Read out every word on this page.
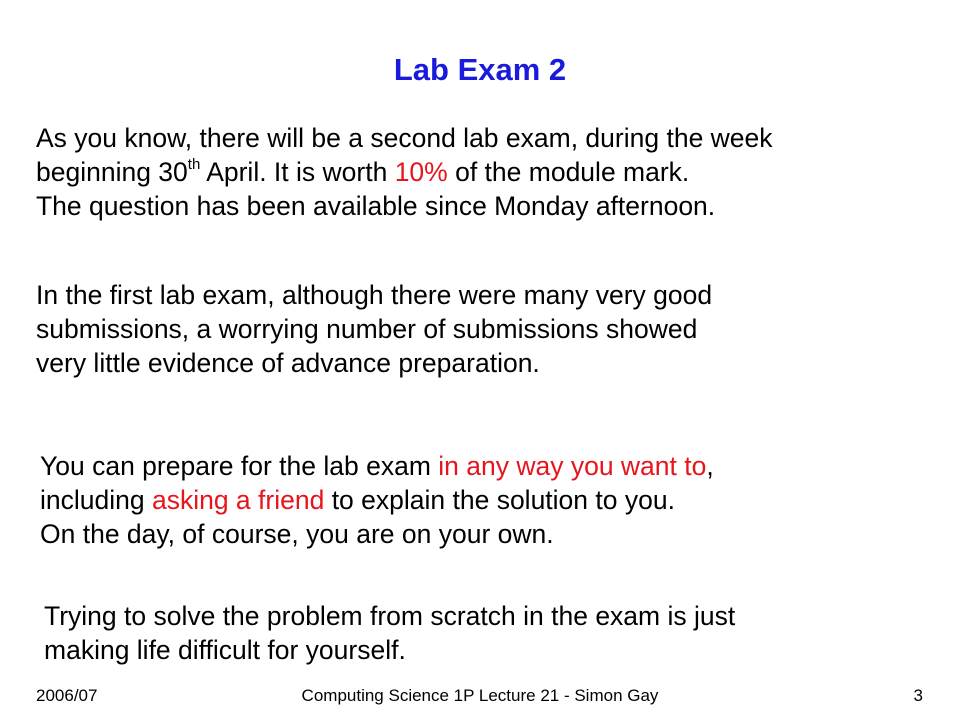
Lab Exam 2
As you know, there will be a second lab exam, during the week
beginning 30th April. It is worth 10% of the module mark.
The question has been available since Monday afternoon.
In the first lab exam, although there were many very good
submissions, a worrying number of submissions showed
very little evidence of advance preparation.
You can prepare for the lab exam in any way you want to,
including asking a friend to explain the solution to you.
On the day, of course, you are on your own.
Trying to solve the problem from scratch in the exam is just
making life difficult for yourself.
2006/07	Computing Science 1P Lecture 21 - Simon Gay	3
